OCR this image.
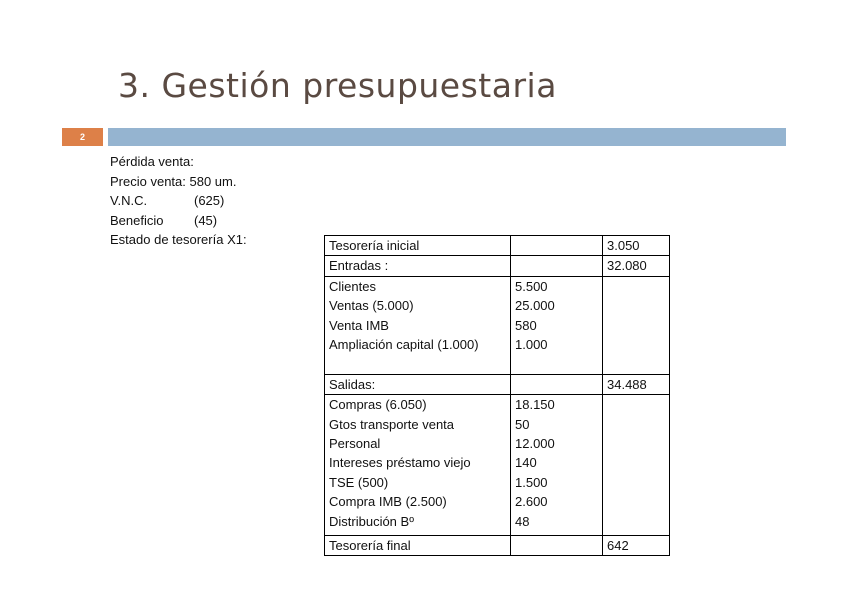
3. Gestión presupuestaria
2
Pérdida venta:
Precio venta: 580 um.
V.N.C.	(625)
Beneficio	(45)
Estado de tesorería X1:	Tesorería inicial		3.050
Entradas :		32.080
Clientes	5.500	
Ventas (5.000)	25.000	
Venta IMB	580	
Ampliación capital (1.000)	1.000	

Salidas:		34.488
Compras (6.050)	18.150	
Gtos transporte venta	50	
Personal	12.000	
Intereses préstamo viejo	140	
TSE (500)	1.500	
Compra IMB (2.500)	2.600	
Distribución Bº	48	

Tesorería final		642
